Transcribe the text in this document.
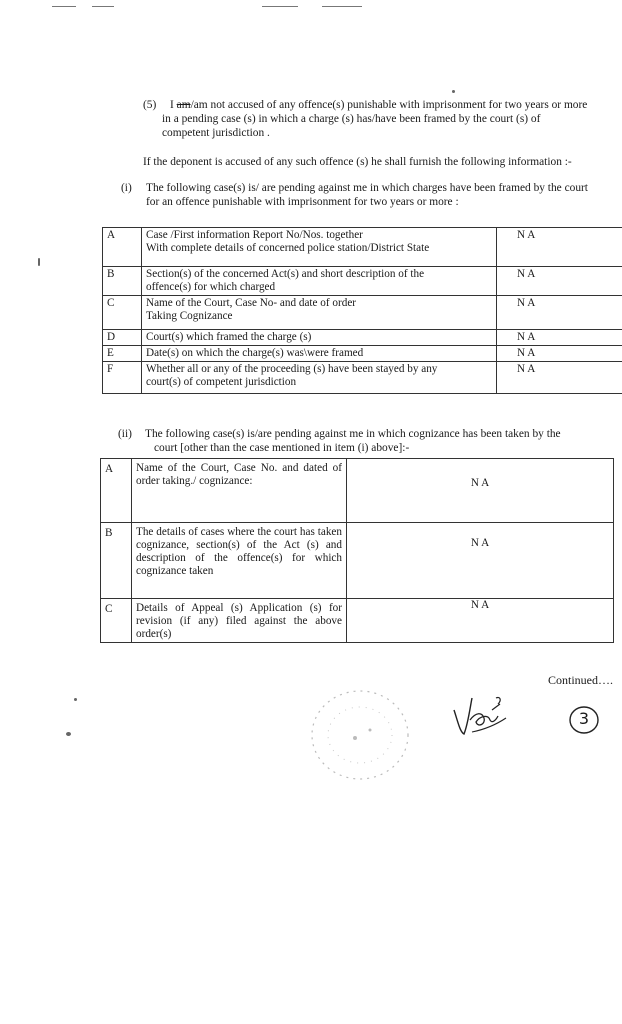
(5) I am/am not accused of any offence(s) punishable with imprisonment for two years or more
in a pending case (s) in which a charge (s) has/have been framed by the court (s) of
competent jurisdiction .
If the deponent is accused of any such offence (s) he shall furnish the following information :-
(i) The following case(s) is/ are pending against me in which charges have been framed by the court
for an offence punishable with imprisonment for two years or more :
A	Case /First information Report No/Nos. together
With complete details of concerned police station/District State	N A
B	Section(s) of the concerned Act(s) and short description of the
offence(s) for which charged	N A
C	Name of the Court, Case No- and date of order
Taking Cognizance	N A
D	Court(s) which framed the charge (s)	N A
E	Date(s) on which the charge(s) was\were framed	N A
F	Whether all or any of the proceeding (s) have been stayed by any
court(s) of competent jurisdiction	N A
(ii) The following case(s) is/are pending against me in which cognizance has been taken by the
court [other than the case mentioned in item (i) above]:-
A	Name of the Court, Case No. and dated of order taking./ cognizance:	N A
B	The details of cases where the court has taken cognizance, section(s) of the Act (s) and description of the offence(s) for which cognizance taken	N A
C	Details of Appeal (s) Application (s) for revision (if any) filed against the above order(s)	N A
Continued….
3
